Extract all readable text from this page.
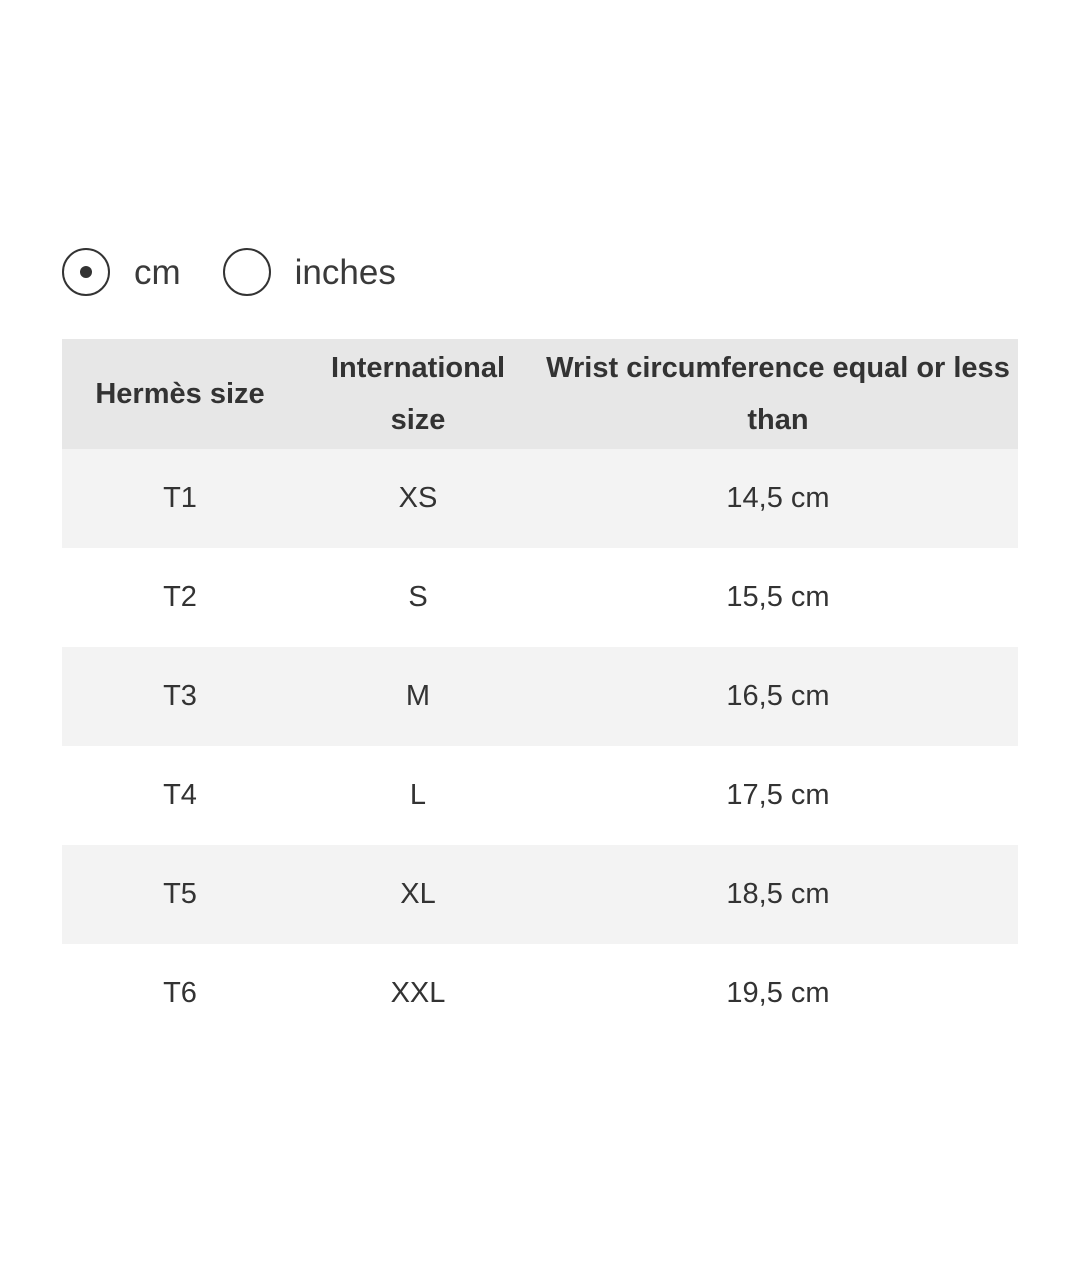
cm	inches
Hermès size	International size	Wrist circumference equal or less than
T1	XS	14,5 cm
T2	S	15,5 cm
T3	M	16,5 cm
T4	L	17,5 cm
T5	XL	18,5 cm
T6	XXL	19,5 cm
